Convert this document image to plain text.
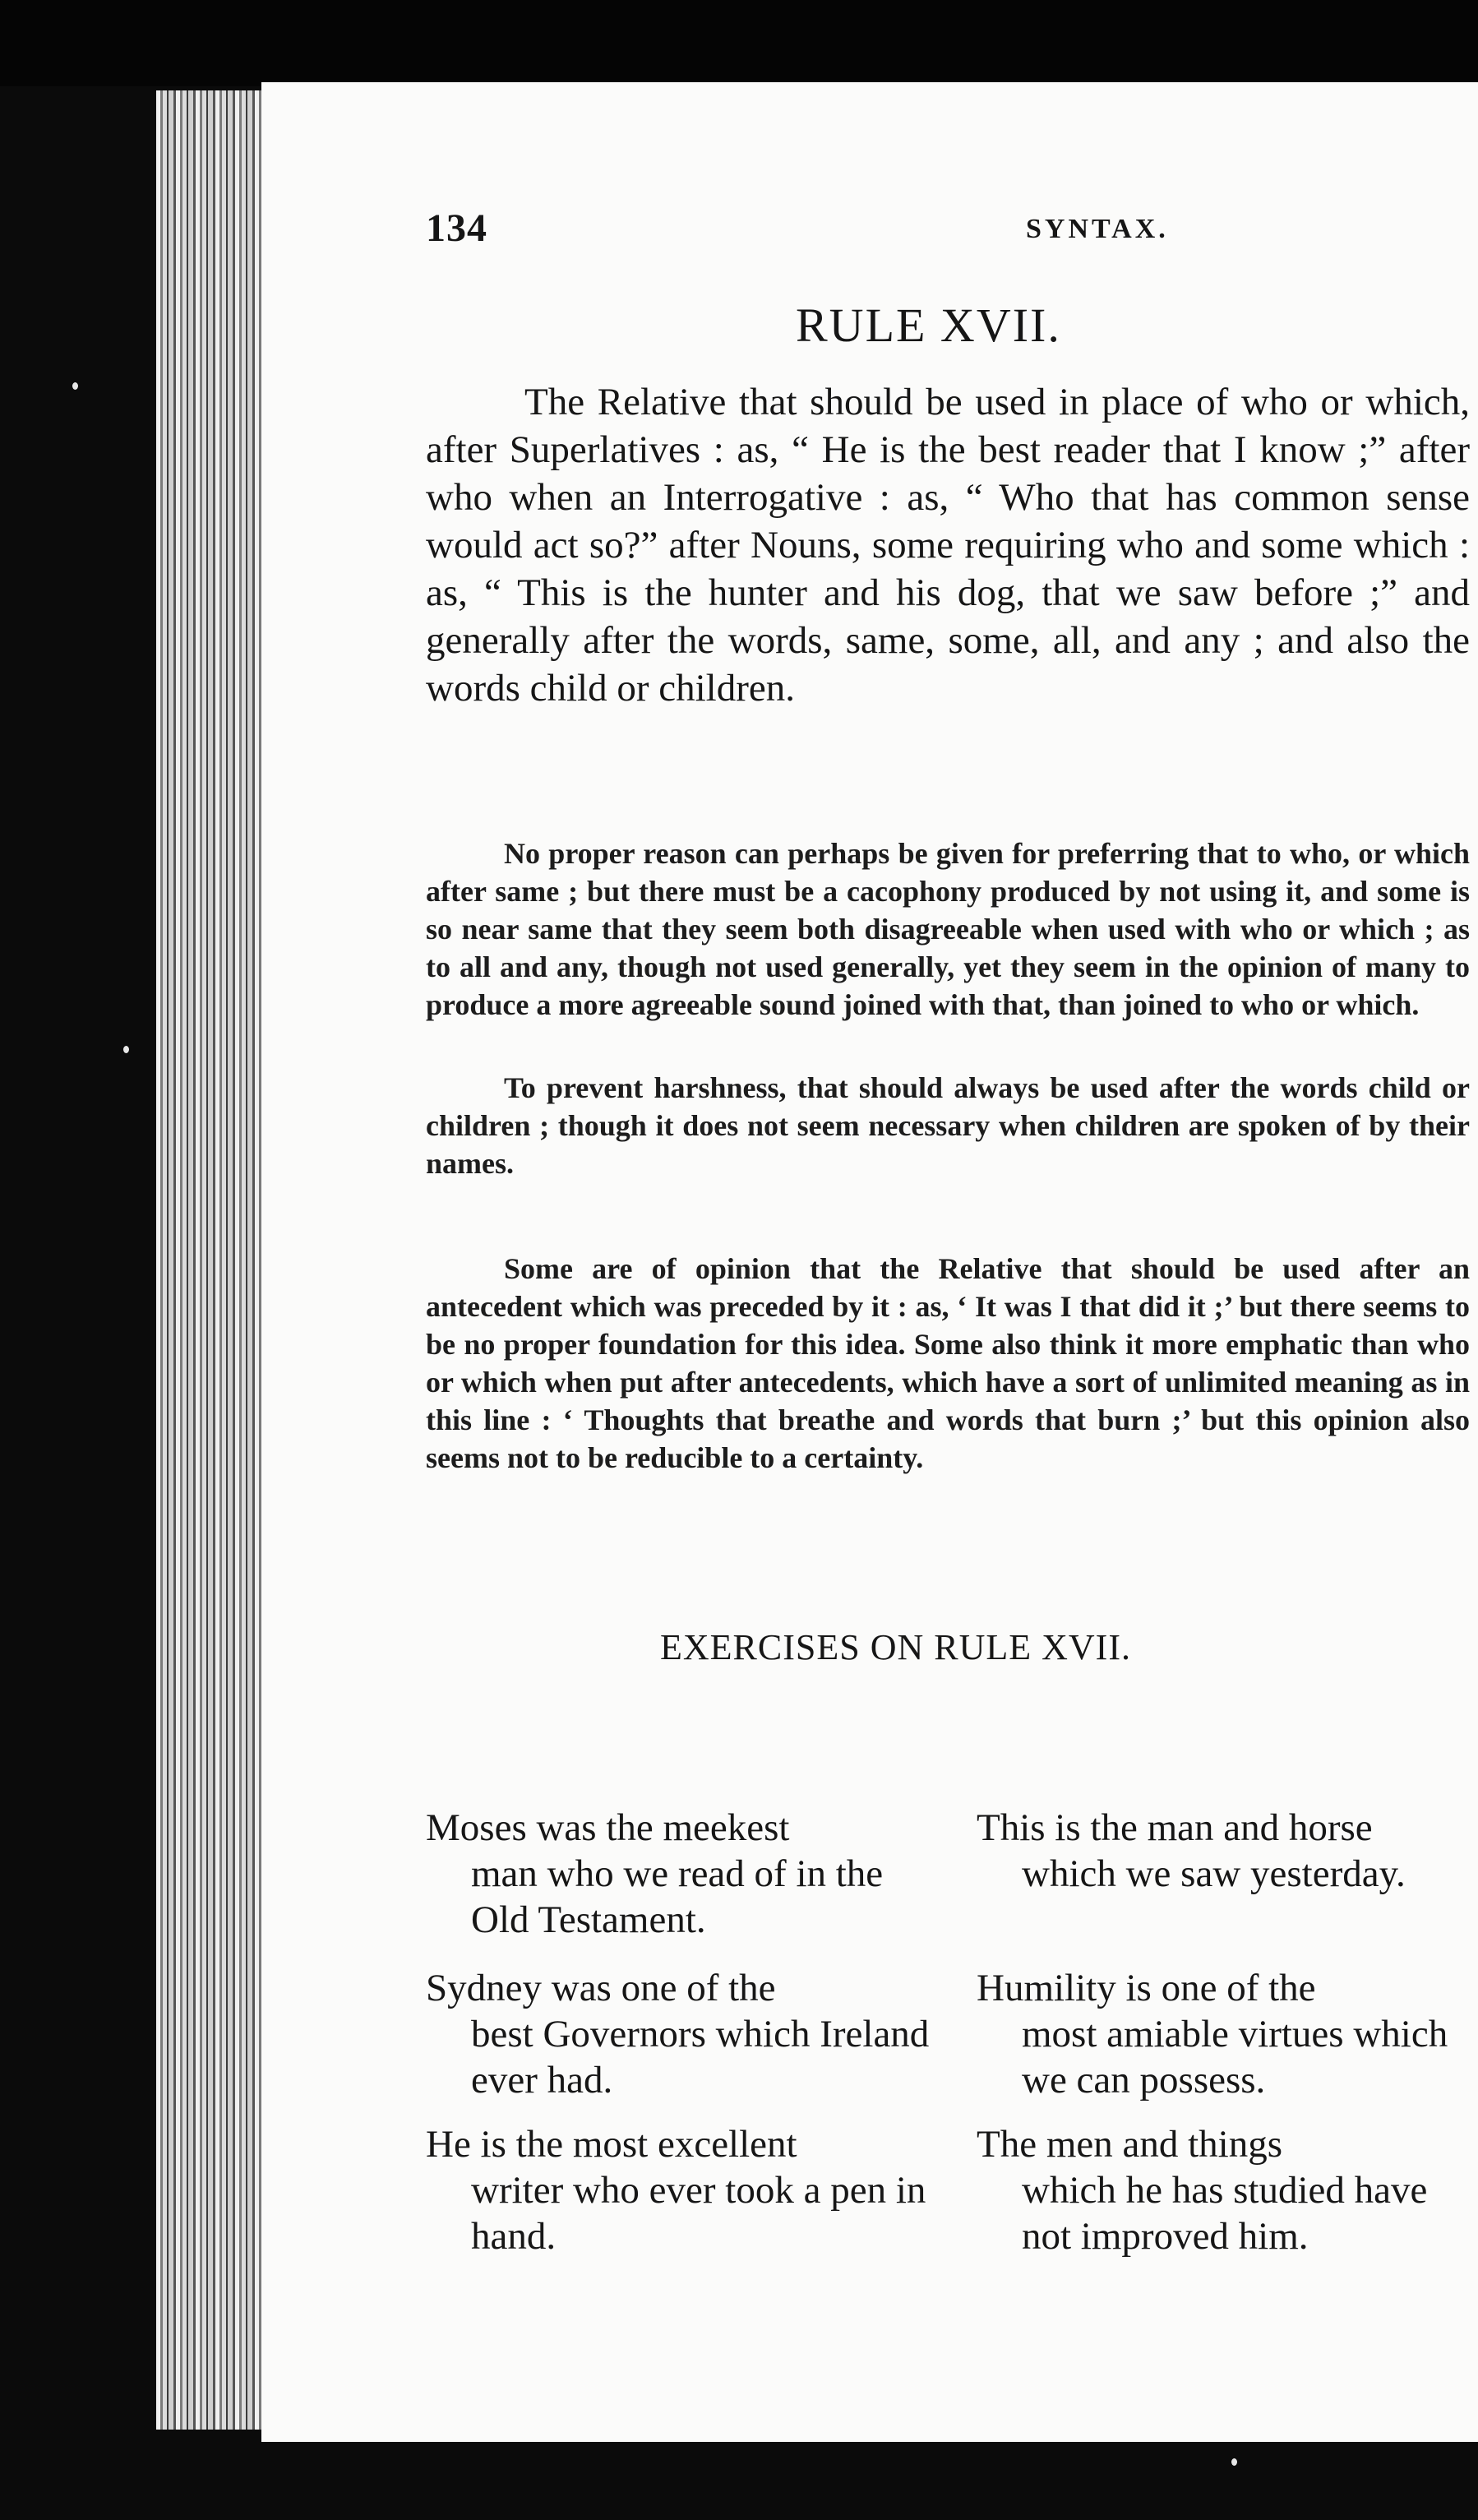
134	SYNTAX.
RULE XVII.

The Relative that should be used in place of who or which, after Superlatives : as, “ He is the best reader that I know ;” after who when an Interrogative : as, “ Who that has common sense would act so?” after Nouns, some requiring who and some which : as, “ This is the hunter and his dog, that we saw before ;” and generally after the words, same, some, all, and any ; and also the words child or children.

No proper reason can perhaps be given for preferring that to who, or which after same ; but there must be a cacophony produced by not using it, and some is so near same that they seem both disagreeable when used with who or which ; as to all and any, though not used generally, yet they seem in the opinion of many to produce a more agreeable sound joined with that, than joined to who or which.

To prevent harshness, that should always be used after the words child or children ; though it does not seem necessary when children are spoken of by their names.

Some are of opinion that the Relative that should be used after an antecedent which was preceded by it : as, ‘ It was I that did it ;’ but there seems to be no proper foundation for this idea. Some also think it more emphatic than who or which when put after antecedents, which have a sort of unlimited meaning as in this line : ‘ Thoughts that breathe and words that burn ;’ but this opinion also seems not to be reducible to a certainty.

EXERCISES ON RULE XVII.
Moses was the meekest
man who we read of in the Old Testament.
Sydney was one of the
best Governors which Ireland ever had.
He is the most excellent
writer who ever took a pen in hand.
This is the man and horse
which we saw yesterday.
Humility is one of the
most amiable virtues which we can possess.
The men and things
which he has studied have not improved him.
